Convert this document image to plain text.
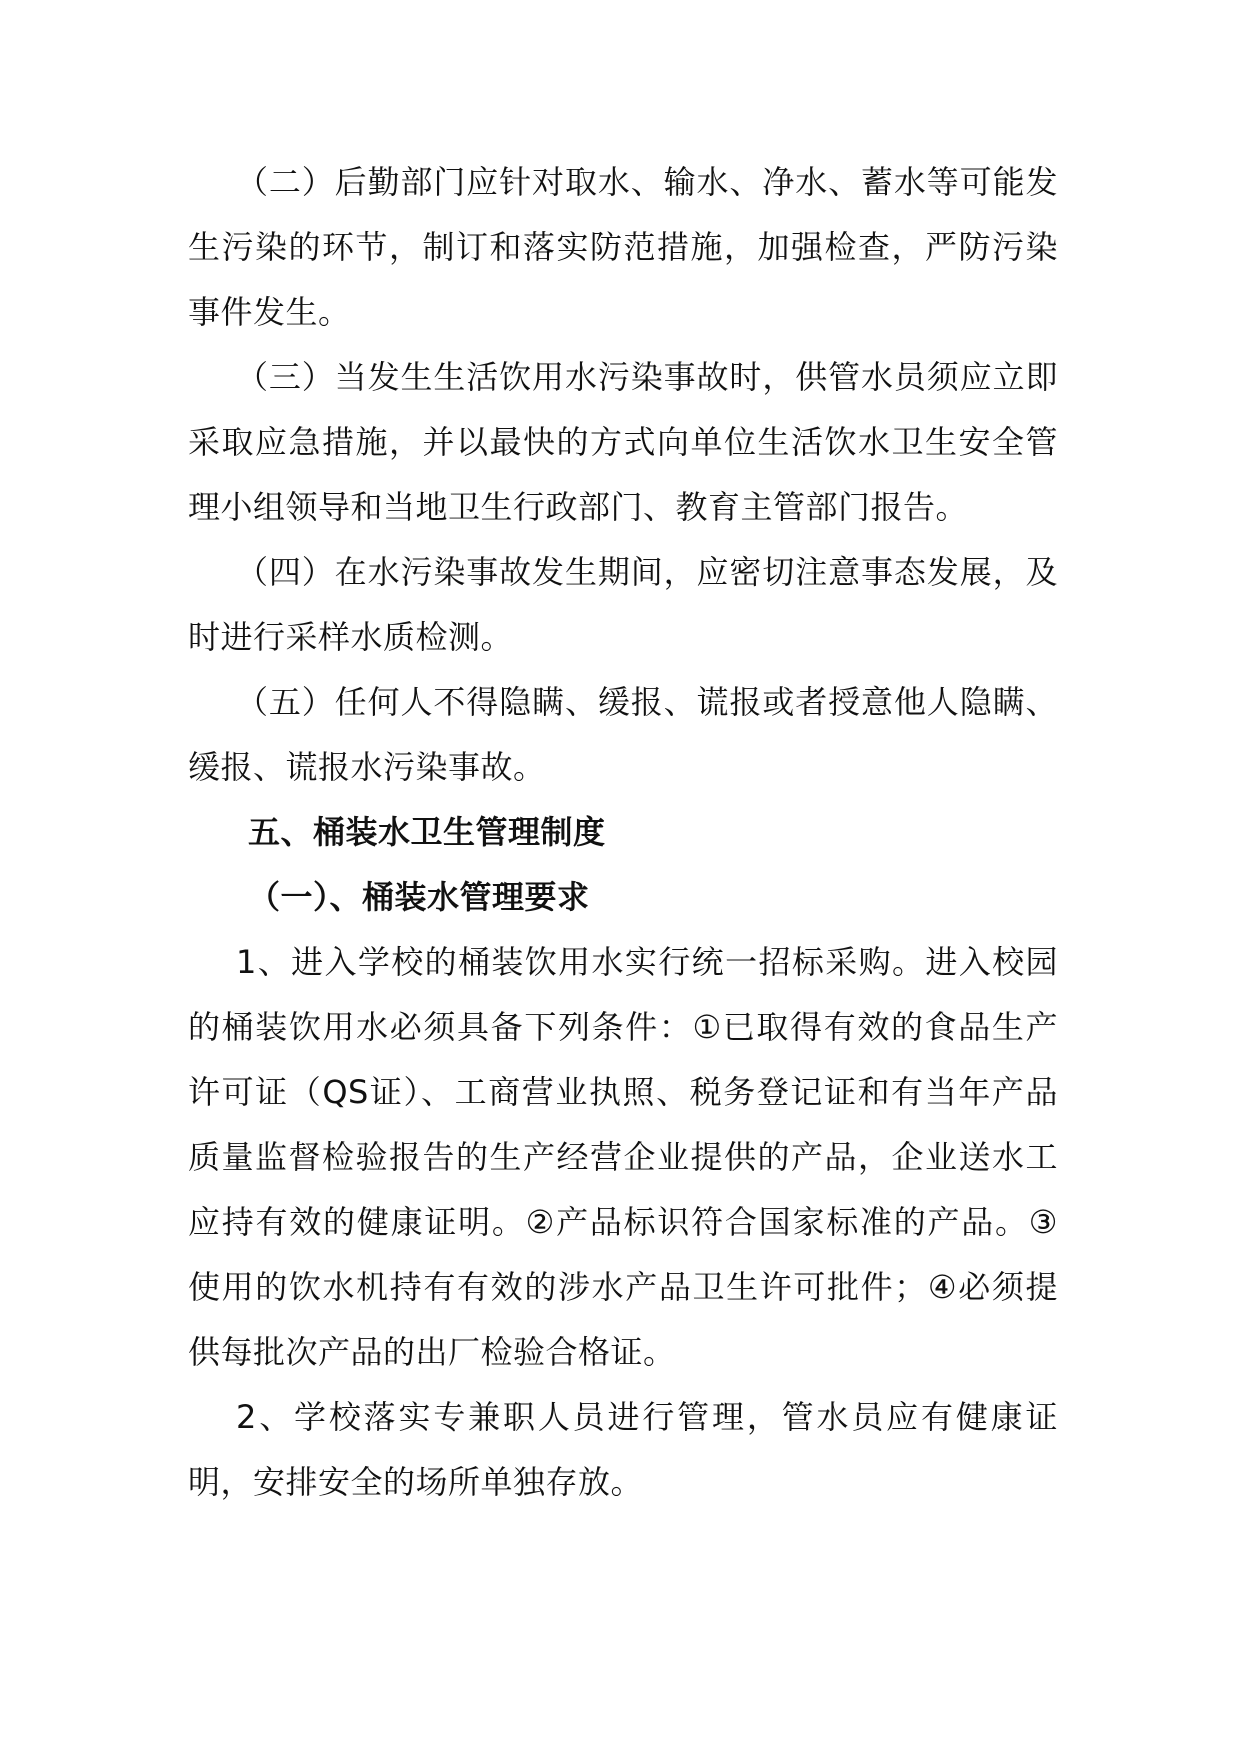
（二）后勤部门应针对取水、输水、净水、蓄水等可能发生污染的环节，制订和落实防范措施，加强检查，严防污染事件发生。

（三）当发生生活饮用水污染事故时，供管水员须应立即采取应急措施，并以最快的方式向单位生活饮水卫生安全管理小组领导和当地卫生行政部门、教育主管部门报告。

（四）在水污染事故发生期间，应密切注意事态发展，及时进行采样水质检测。

（五）任何人不得隐瞒、缓报、谎报或者授意他人隐瞒、缓报、谎报水污染事故。

五、桶装水卫生管理制度

（一）、桶装水管理要求

1、进入学校的桶装饮用水实行统一招标采购。进入校园的桶装饮用水必须具备下列条件：①已取得有效的食品生产许可证（QS证）、工商营业执照、税务登记证和有当年产品质量监督检验报告的生产经营企业提供的产品，企业送水工应持有效的健康证明。②产品标识符合国家标准的产品。③使用的饮水机持有有效的涉水产品卫生许可批件；④必须提供每批次产品的出厂检验合格证。

2、学校落实专兼职人员进行管理，管水员应有健康证明，安排安全的场所单独存放。
